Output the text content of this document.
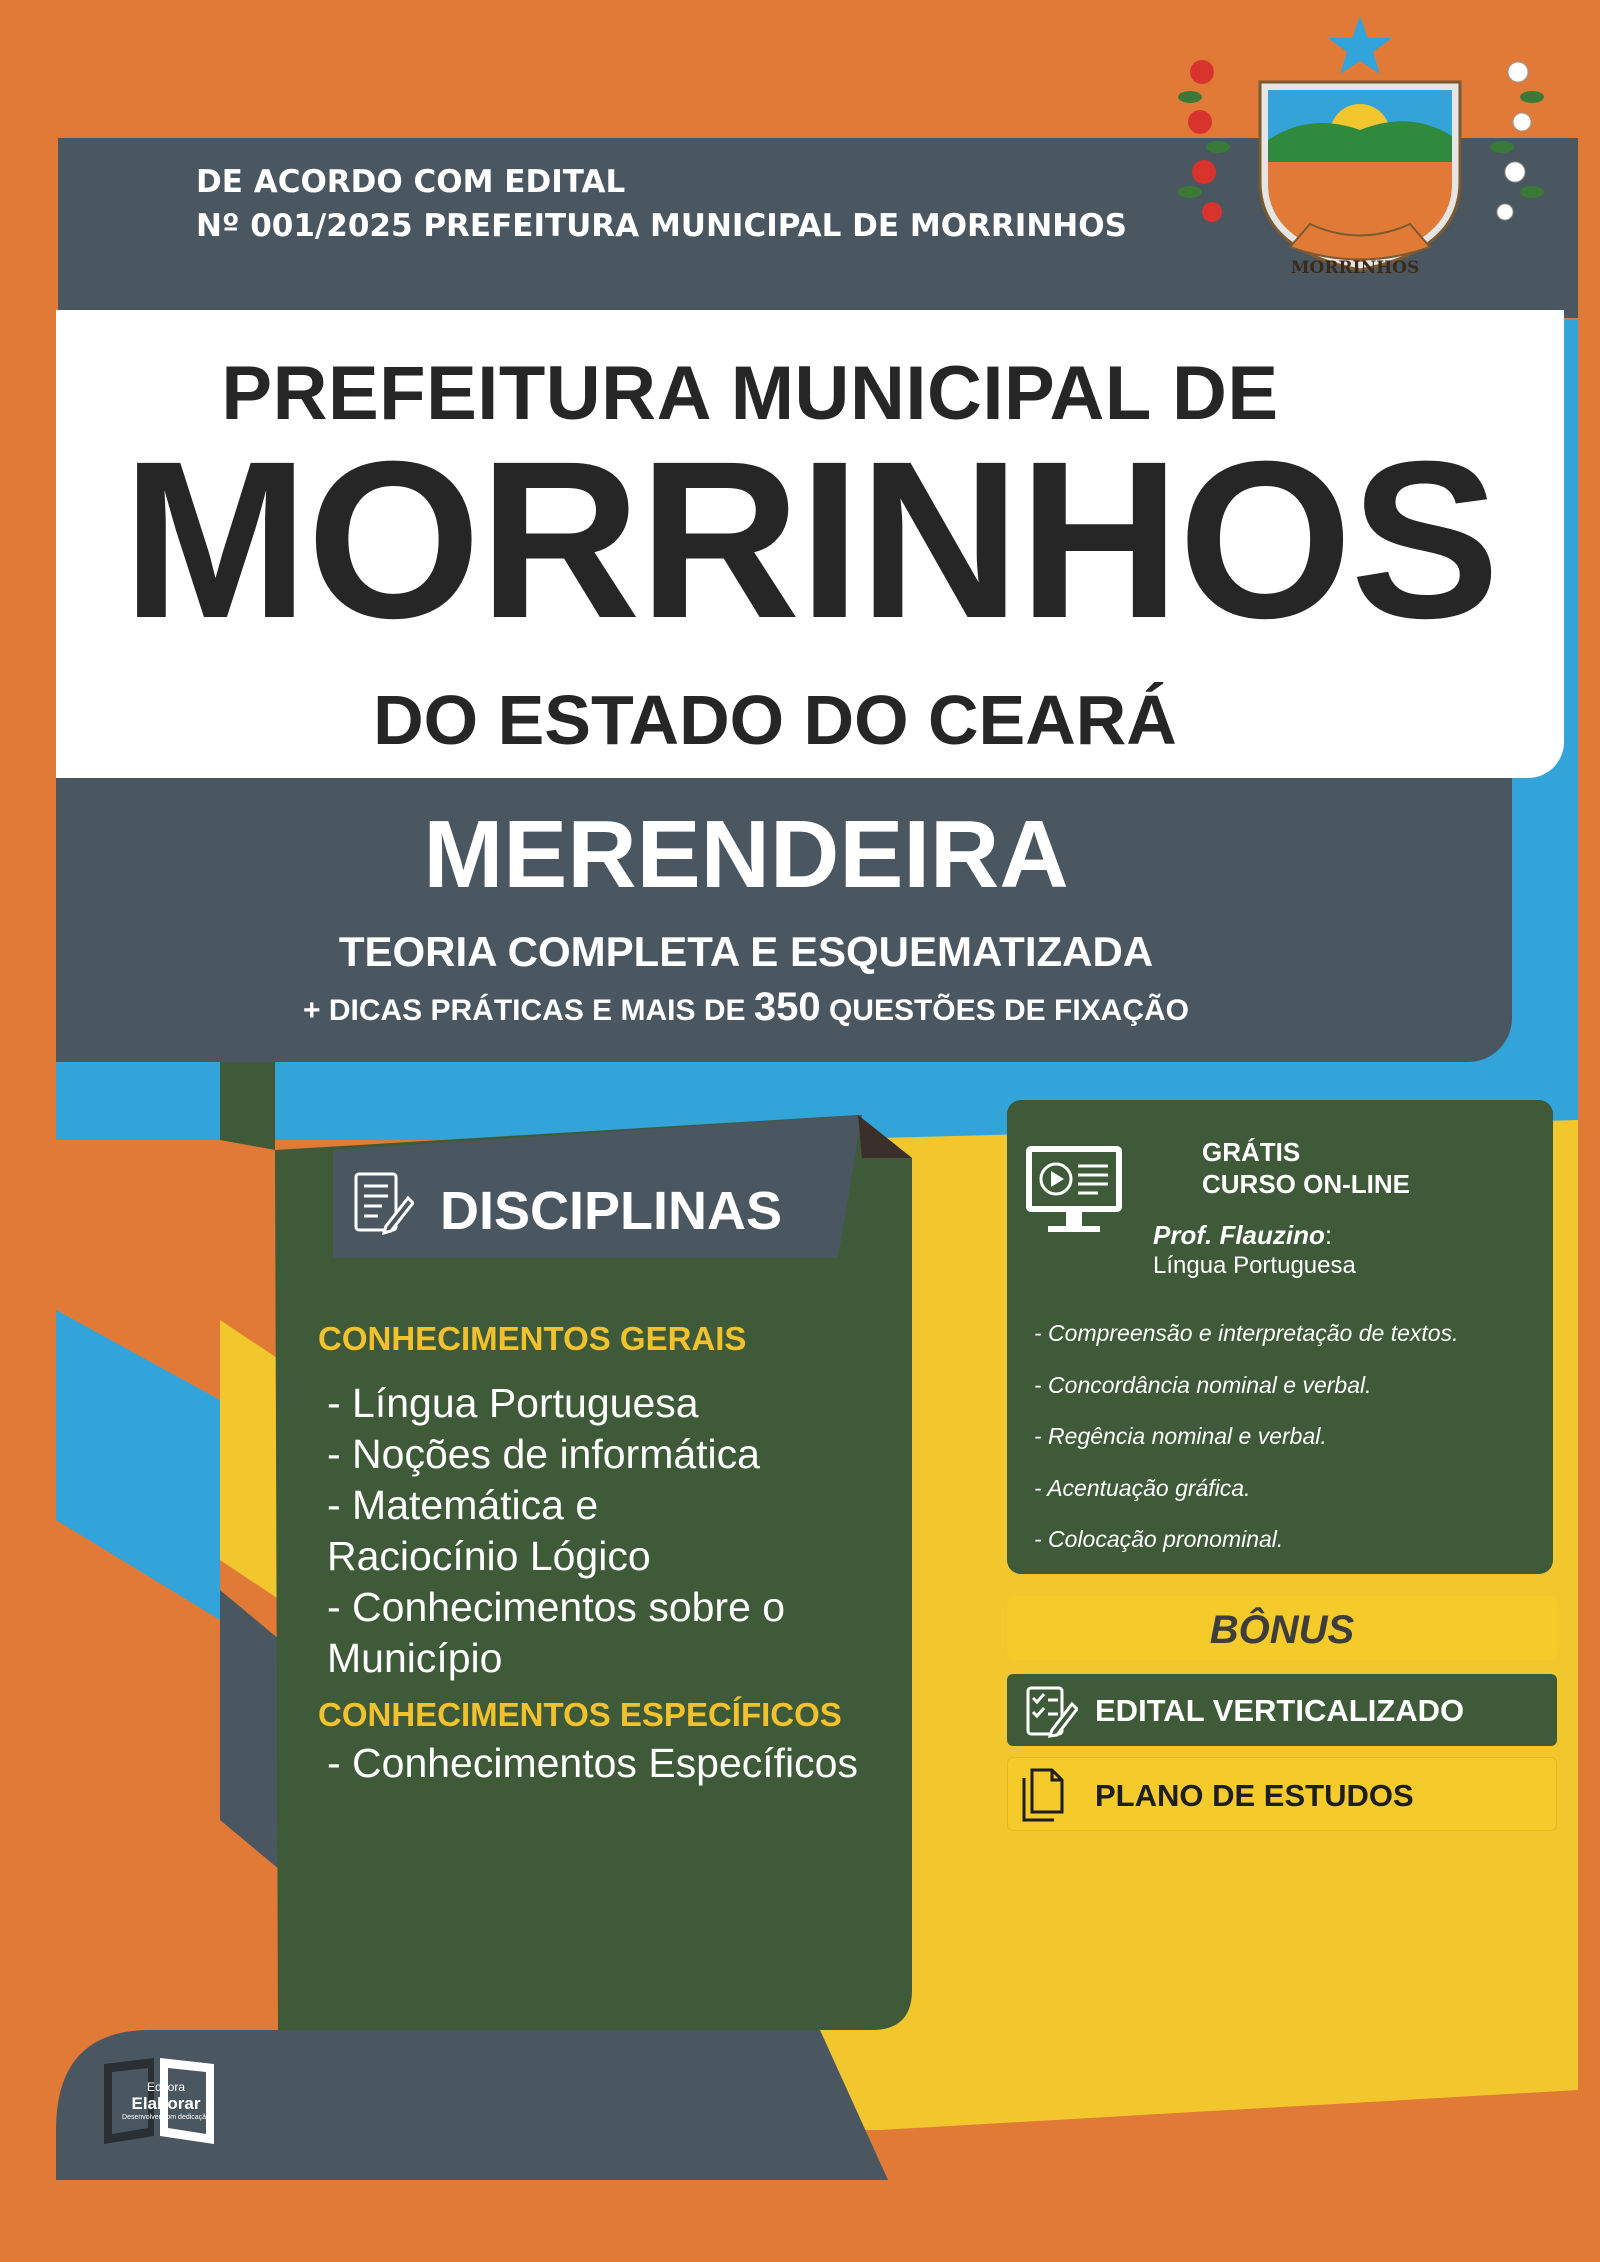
DE ACORDO COM EDITAL
Nº 001/2025 PREFEITURA MUNICIPAL DE MORRINHOS
MORRINHOS
PREFEITURA MUNICIPAL DE
MORRINHOS
DO ESTADO DO CEARÁ
MERENDEIRA
TEORIA COMPLETA E ESQUEMATIZADA
+ DICAS PRÁTICAS E MAIS DE 350 QUESTÕES DE FIXAÇÃO
DISCIPLINAS
CONHECIMENTOS GERAIS
- Língua Portuguesa
- Noções de informática
- Matemática e
Raciocínio Lógico
- Conhecimentos sobre o
Município
CONHECIMENTOS ESPECÍFICOS
- Conhecimentos Específicos
GRÁTIS
CURSO ON-LINE
Prof. Flauzino:
Língua Portuguesa
- Compreensão e interpretação de textos.
- Concordância nominal e verbal.
- Regência nominal e verbal.
- Acentuação gráfica.
- Colocação pronominal.
BÔNUS
EDITAL VERTICALIZADO
PLANO DE ESTUDOS
Editora
Elaborar
Desenvolver com dedicação
